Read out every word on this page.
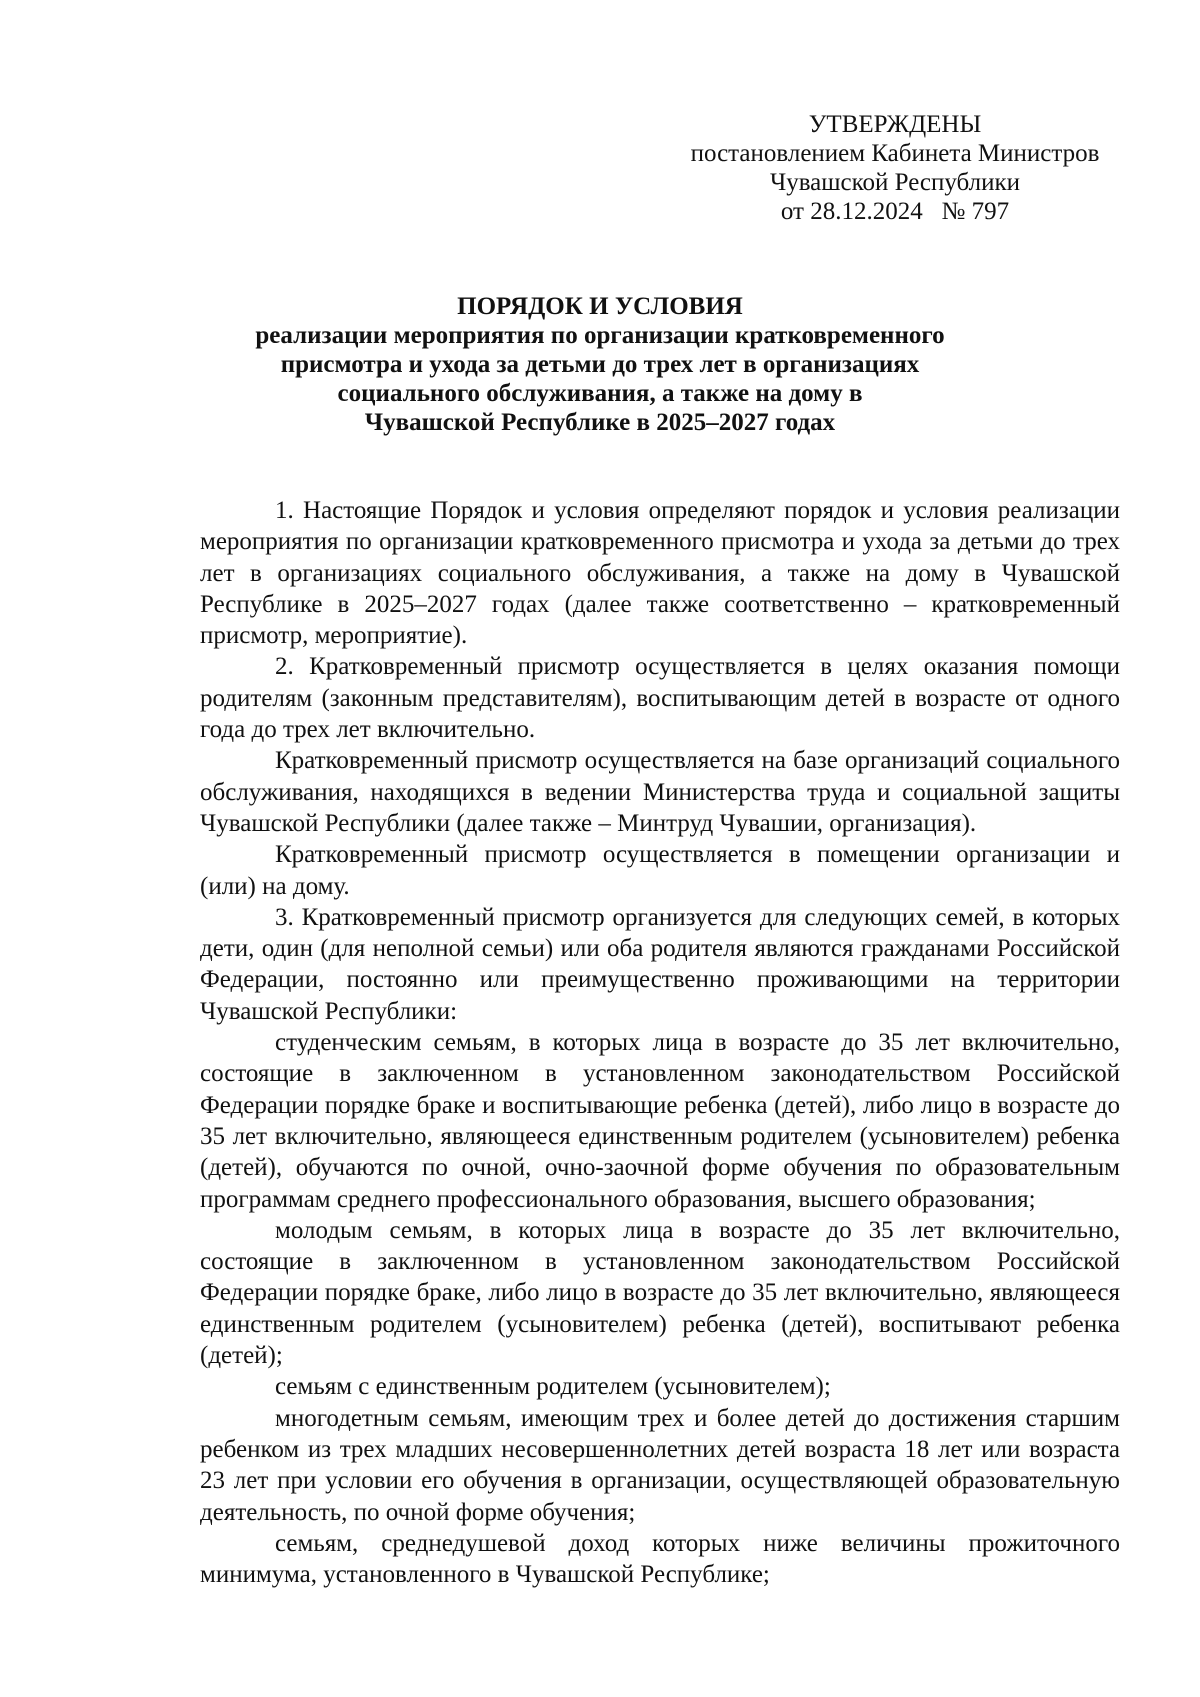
УТВЕРЖДЕНЫ
постановлением Кабинета Министров
Чувашской Республики
от 28.12.2024   № 797
ПОРЯДОК И УСЛОВИЯ
реализации мероприятия по организации кратковременного
присмотра и ухода за детьми до трех лет в организациях
социального обслуживания, а также на дому в
Чувашской Республике в 2025–2027 годах

1. Настоящие Порядок и условия определяют порядок и условия реализации мероприятия по организации кратковременного присмотра и ухода за детьми до трех лет в организациях социального обслуживания, а также на дому в Чувашской Республике в 2025–2027 годах (далее также соответственно – кратковременный присмотр, мероприятие).

2. Кратковременный присмотр осуществляется в целях оказания помощи родителям (законным представителям), воспитывающим детей в возрасте от одного года до трех лет включительно.

Кратковременный присмотр осуществляется на базе организаций социального обслуживания, находящихся в ведении Министерства труда и социальной защиты Чувашской Республики (далее также – Минтруд Чувашии, организация).

Кратковременный присмотр осуществляется в помещении организации и (или) на дому.

3. Кратковременный присмотр организуется для следующих семей, в которых дети, один (для неполной семьи) или оба родителя являются гражданами Российской Федерации, постоянно или преимущественно проживающими на территории Чувашской Республики:

студенческим семьям, в которых лица в возрасте до 35 лет включительно, состоящие в заключенном в установленном законодательством Российской Федерации порядке браке и воспитывающие ребенка (детей), либо лицо в возрасте до 35 лет включительно, являющееся единственным родителем (усыновителем) ребенка (детей), обучаются по очной, очно-заочной форме обучения по образовательным программам среднего профессионального образования, высшего образования;

молодым семьям, в которых лица в возрасте до 35 лет включительно, состоящие в заключенном в установленном законодательством Российской Федерации порядке браке, либо лицо в возрасте до 35 лет включительно, являющееся единственным родителем (усыновителем) ребенка (детей), воспитывают ребенка (детей);

семьям с единственным родителем (усыновителем);

многодетным семьям, имеющим трех и более детей до достижения старшим ребенком из трех младших несовершеннолетних детей возраста 18 лет или возраста 23 лет при условии его обучения в организации, осуществляющей образовательную деятельность, по очной форме обучения;

семьям, среднедушевой доход которых ниже величины прожиточного минимума, установленного в Чувашской Республике;
